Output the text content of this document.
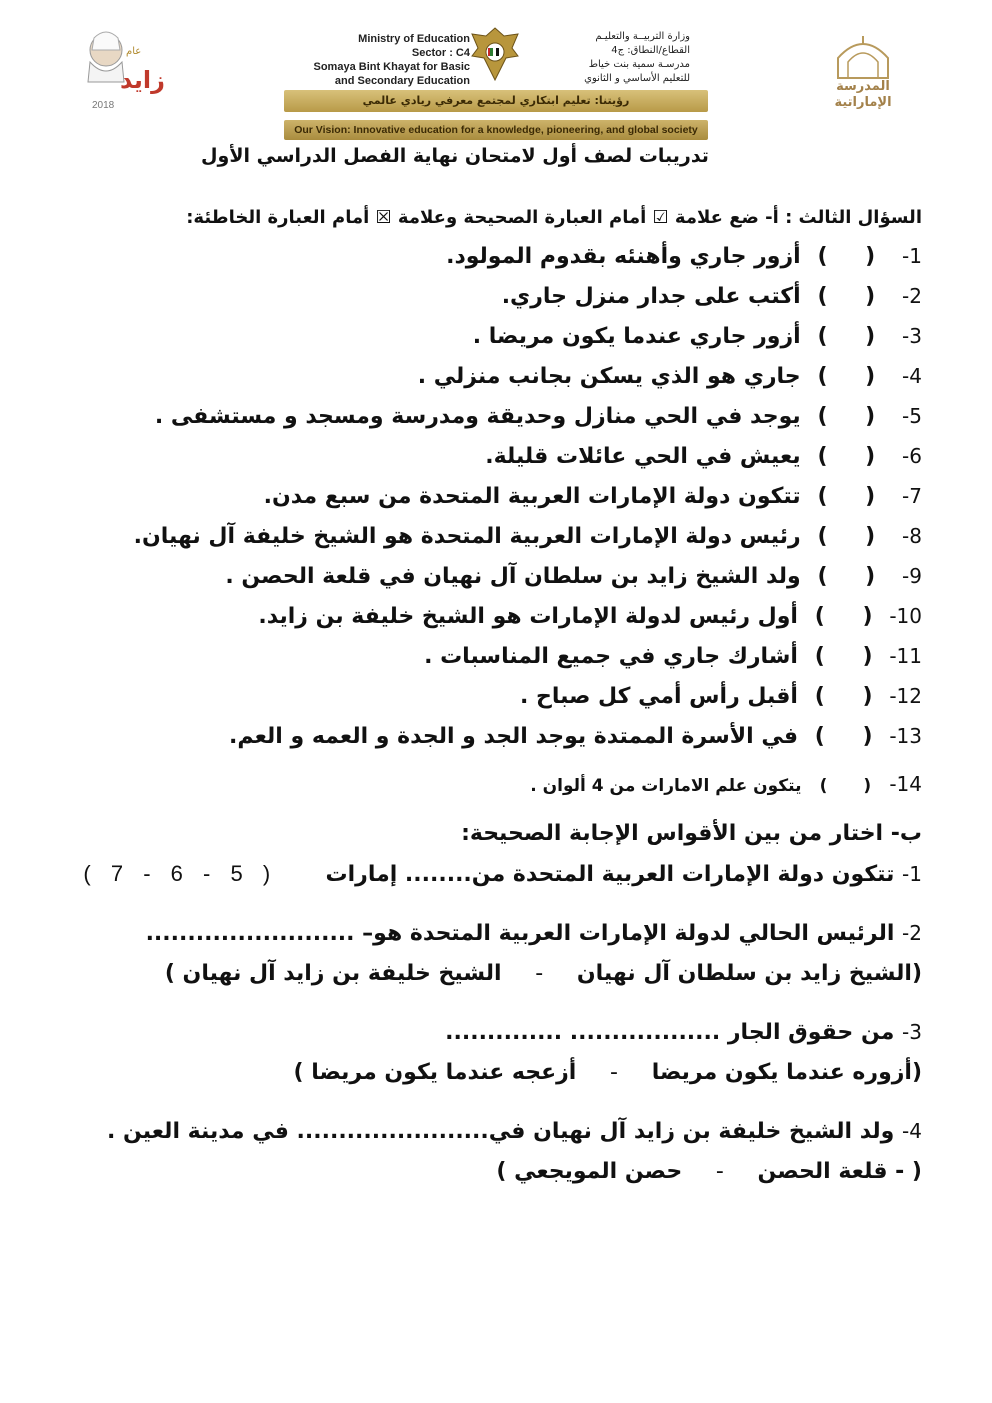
عام
زايد
2018
Ministry of Education
Sector : C4
Somaya Bint Khayat for Basic
and Secondary Education
وزارة التربيــة والتعليـم
القطاع/النطاق: ج4
مدرسـة سمية بنت خياط
للتعليم الأساسي و الثانوي
المدرسة
الإماراتية
رؤيتنا: تعليم ابتكاري لمجتمع معرفي ريادي عالمي
Our Vision: Innovative education for a knowledge, pioneering, and global society
تدريبات لصف أول لامتحان نهاية الفصل الدراسي الأول
السؤال الثالث : أ- ضع علامة ☑ أمام العبارة الصحيحة وعلامة ☒ أمام العبارة الخاطئة:
1- ( ) أزور جاري وأهنئه بقدوم المولود.
2- ( ) أكتب على جدار منزل جاري.
3- ( ) أزور جاري عندما يكون مريضا .
4- ( ) جاري هو الذي يسكن بجانب منزلي .
5- ( ) يوجد في الحي منازل وحديقة ومدرسة ومسجد و مستشفى .
6- ( ) يعيش في الحي عائلات قليلة.
7- ( ) تتكون دولة الإمارات العربية المتحدة من سبع مدن.
8- ( ) رئيس دولة الإمارات العربية المتحدة هو الشيخ خليفة آل نهيان.
9- ( ) ولد الشيخ زايد بن سلطان آل نهيان في قلعة الحصن .
10- ( ) أول رئيس لدولة الإمارات هو الشيخ خليفة بن زايد.
11- ( ) أشارك جاري في جميع المناسبات .
12- ( ) أقبل رأس أمي كل صباح .
13- ( ) في الأسرة الممتدة يوجد الجد و الجدة و العمه و العم.
14- ( ) يتكون علم الامارات من 4 ألوان .
ب- اختار من بين الأقواس الإجابة الصحيحة:
1- تتكون دولة الإمارات العربية المتحدة من........ إمارات  ( 5 - 6 - 7 )
2- الرئيس الحالي لدولة الإمارات العربية المتحدة هو– .........................
(الشيخ زايد بن سلطان آل نهيان - الشيخ خليفة بن زايد آل نهيان )
3- من حقوق الجار .................. ..............
(أزوره عندما يكون مريضا - أزعجه عندما يكون مريضا )
4- ولد الشيخ خليفة بن زايد آل نهيان في....................... في مدينة العين .
( - قلعة الحصن - حصن المويجعي )
